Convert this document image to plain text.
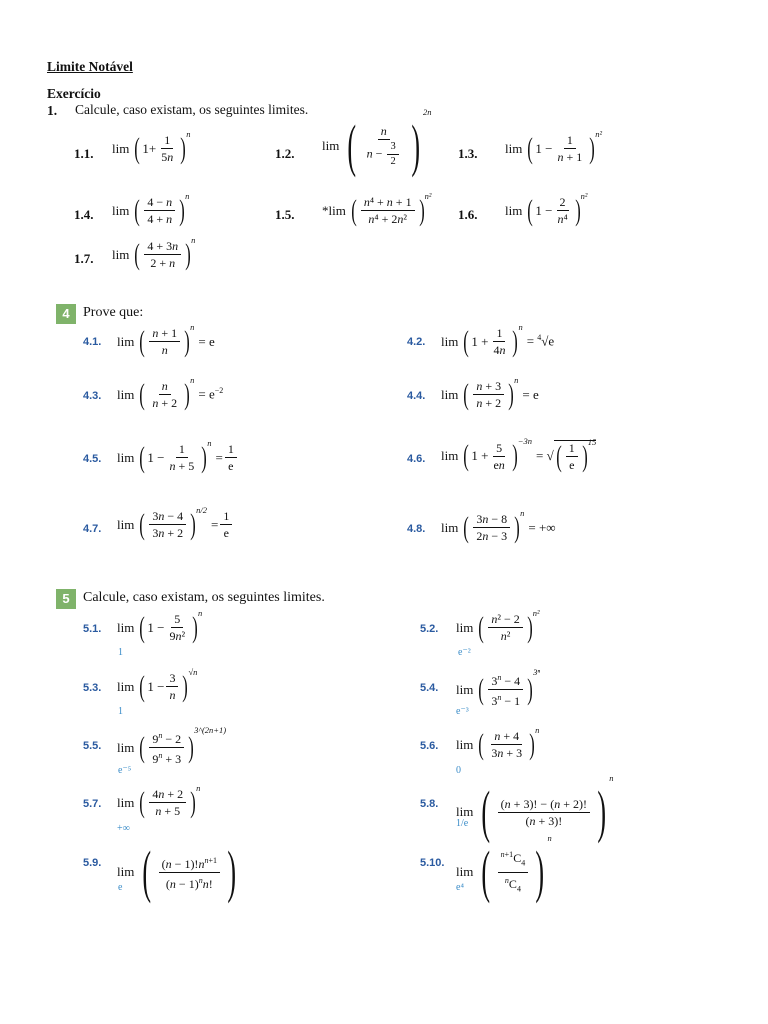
Limite Notável
Exercício
1. Calcule, caso existam, os seguintes limites.
1.1. lim ( $1+ \frac{1}{5n}$ ) n
1.2.
lim ( $\frac{n}{n - \frac{3}{2}}$ )
2n
1.3. lim ( $1 - \frac{1}{n + 1}$ ) n²
1.4. lim ( $\frac{4 - n}{4 + n}$ ) n
1.5. *lim ( $\frac{\text{n⁴ + n + 1}}{\text{n⁴ + 2n²}}$ ) n²
1.6. lim ( $1 - \frac{2}{\text{n⁴}}$ ) n²
1.7. lim ( $\frac{4 + 3n}{2 + n}$ ) n
4 Prove que:
4.1. lim ( $\frac{n + 1}{n}$ ) n
= e	4.2. lim ( $1 + \frac{1}{4n}$ ) n
= $^4$√e
4.3. lim ( $\frac{n}{n + 2}$ ) n
= $e^{-2}$	4.4. lim ( $\frac{n + 3}{n + 2}$ ) n
= e
4.5. lim ( $1 - \frac{1}{n + 5}$ ) n
= $\frac{1}{e}$	4.6. lim ( $1 + \frac{5}{en}$ ) −3n
= √ ( $\frac{1}{e}$ ) 15
4.7. lim ( $\frac{3n - 4}{3n + 2}$ ) n/2
= $\frac{1}{e}$	4.8. lim ( $\frac{3n - 8}{2n - 3}$ ) n
= +∞
5 Calcule, caso existam, os seguintes limites.
5.1. lim ( $1 - \frac{5}{\text{9n²}}$ ) n
1
5.2. lim ( $\frac{\text{n² − 2}}{\text{n²}}$ ) n²
e⁻²
5.3. lim ( $1 - \frac{3}{n}$ ) √n
1
5.4. lim ( $\frac{3^n - 4}{3^n - 1}$ )
3ⁿ
e⁻³
5.5. lim ( $\frac{9^n - 2}{9^n + 3}$ )
3^(2n+1)
e⁻⁵
5.6. lim ( $\frac{n + 4}{3n + 3}$ ) n
0
5.7. lim ( $\frac{4n + 2}{n + 5}$ ) n
+∞
5.8. lim ( $\frac{(n + 3)! - (n + 2)!}{(n + 3)!}$ )
n
1/e
5.9.
lim ( $\frac{(n - 1)!n^{n+1}}{(n - 1)^nn!}$ )
e
5.10.
lim ( $\frac{^{n+1}C_4}{^nC_4}$ )
n
e⁴
